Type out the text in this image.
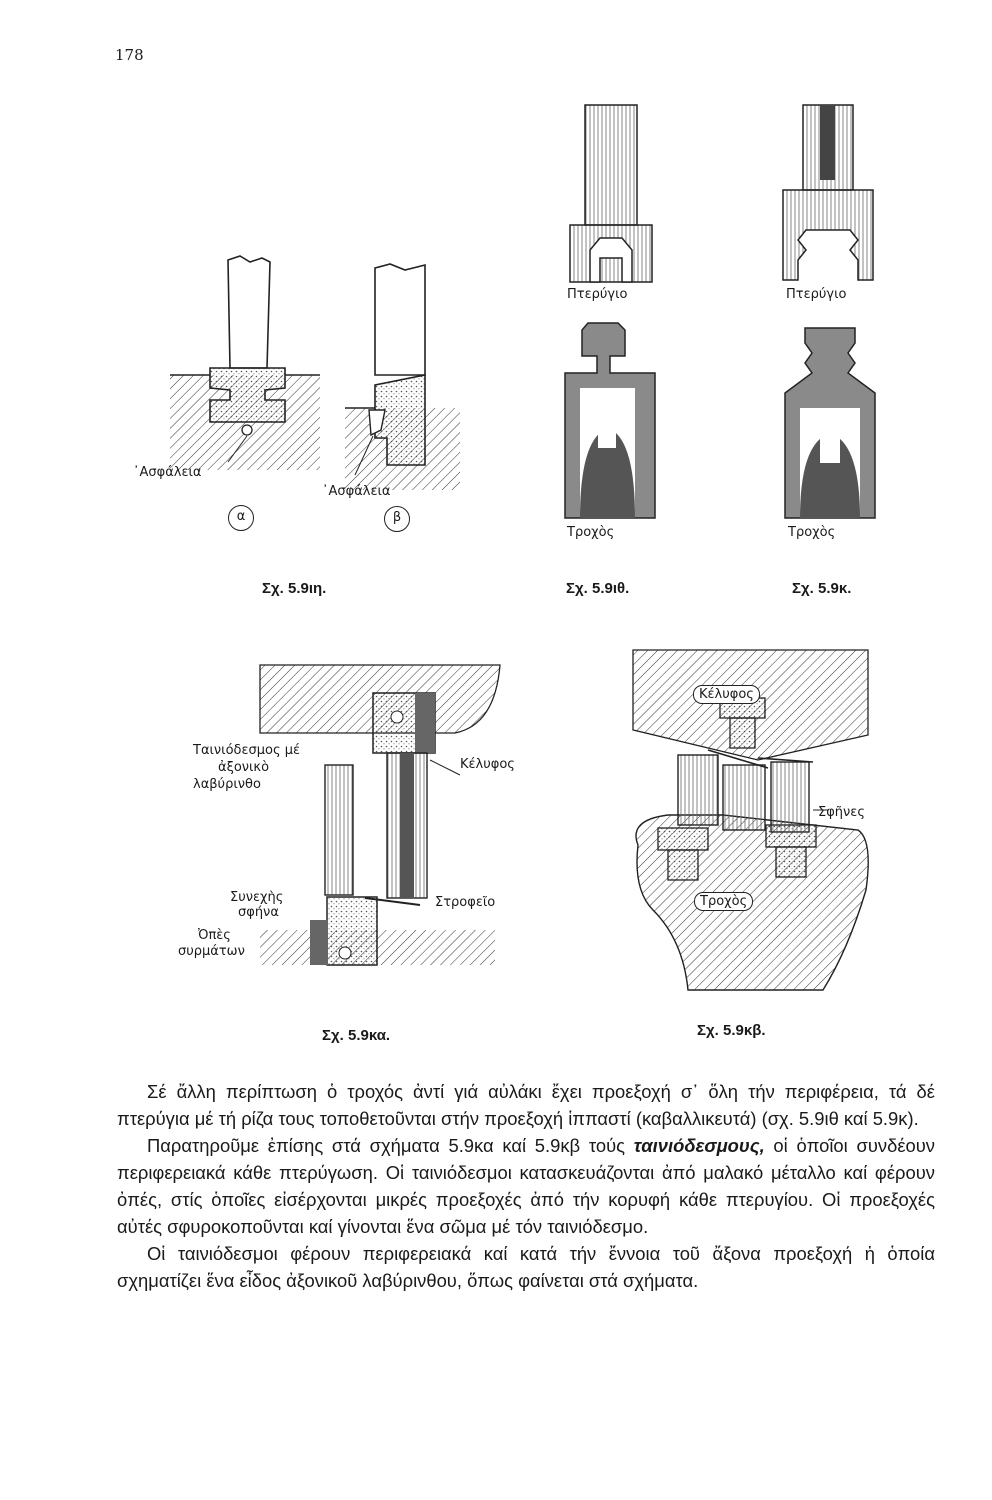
178
᾽Ασφάλεια
α
᾽Ασφάλεια
β
Σχ. 5.9ιη.
Πτερύγιο
Τροχὸς
Σχ. 5.9ιθ.
Πτερύγιο
Τροχὸς
Σχ. 5.9κ.
Ταινιόδεσμος μέ
ἀξονικὸ
λαβύρινθο
Κέλυφος
Συνεχὴς
σφήνα
Στροφεῖο
Ὀπὲς
συρμάτων
Σχ. 5.9κα.
Κέλυφος
Σφῆνες
Τροχὸς
Σχ. 5.9κβ.

Σέ ἄλλη περίπτωση ὁ τροχός ἀντί γιά αὐλάκι ἔχει προεξοχή σ᾽ ὅλη τήν περιφέρεια, τά δέ πτερύγια μέ τή ρίζα τους τοποθετοῦνται στήν προεξοχή ἱππαστί (καβαλλικευτά) (σχ. 5.9ιθ καί 5.9κ).

Παρατηροῦμε ἐπίσης στά σχήματα 5.9κα καί 5.9κβ τούς ταινιόδεσμους, οἱ ὁποῖοι συνδέουν περιφερειακά κάθε πτερύγωση. Οἱ ταινιόδεσμοι κατασκευάζονται ἀπό μαλακό μέταλλο καί φέρουν ὀπές, στίς ὁποῖες εἰσέρχονται μικρές προεξοχές ἀπό τήν κορυφή κάθε πτερυγίου. Οἱ προεξοχές αὐτές σφυροκοποῦνται καί γίνονται ἕνα σῶμα μέ τόν ταινιόδεσμο.

Οἱ ταινιόδεσμοι φέρουν περιφερειακά καί κατά τήν ἔννοια τοῦ ἄξονα προεξοχή ἡ ὁποία σχηματίζει ἕνα εἶδος ἀξονικοῦ λαβύρινθου, ὅπως φαίνεται στά σχήματα.
